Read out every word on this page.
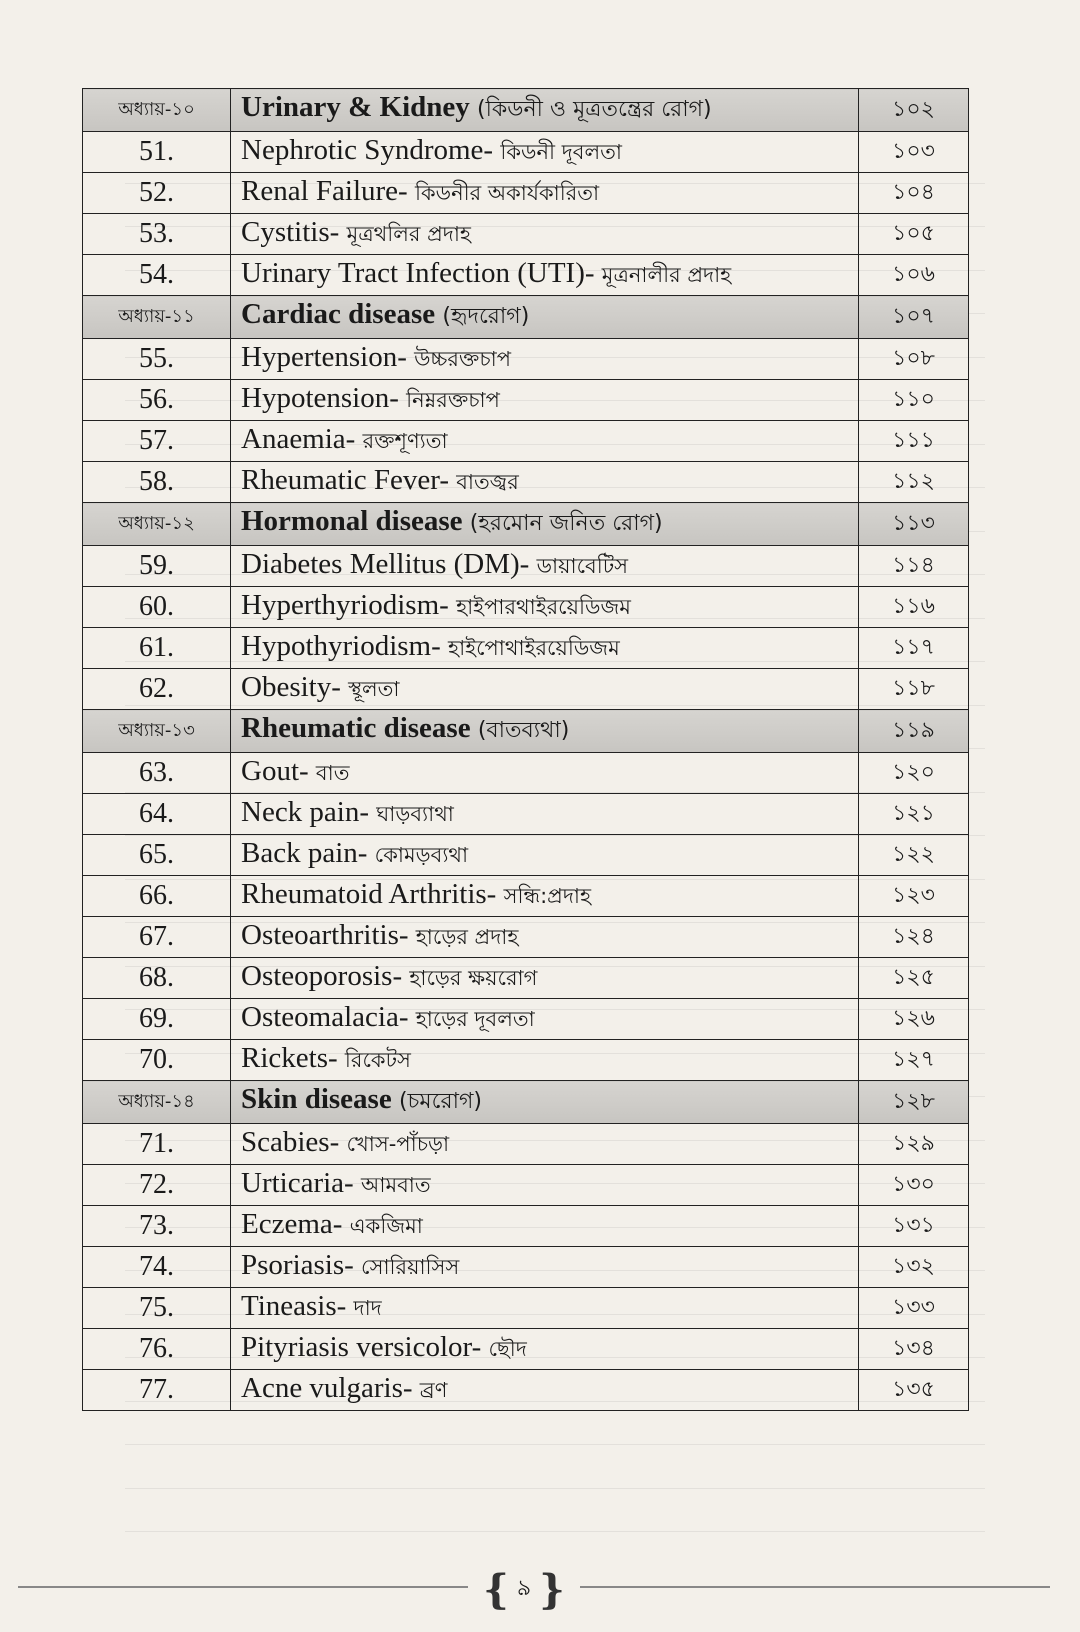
অধ্যায়-১০	Urinary & Kidney (কিডনী ও মূত্রতন্ত্রের রোগ)	১০২
51.	Nephrotic Syndrome- কিডনী দূবলতা	১০৩
52.	Renal Failure- কিডনীর অকার্যকারিতা	১০৪
53.	Cystitis- মূত্রথলির প্রদাহ	১০৫
54.	Urinary Tract Infection (UTI)- মূত্রনালীর প্রদাহ	১০৬
অধ্যায়-১১	Cardiac disease (হৃদরোগ)	১০৭
55.	Hypertension- উচ্চরক্তচাপ	১০৮
56.	Hypotension- নিম্নরক্তচাপ	১১০
57.	Anaemia- রক্তশূণ্যতা	১১১
58.	Rheumatic Fever- বাতজ্বর	১১২
অধ্যায়-১২	Hormonal disease (হরমোন জনিত রোগ)	১১৩
59.	Diabetes Mellitus (DM)- ডায়াবেটিস	১১৪
60.	Hyperthyriodism- হাইপারথাইরয়েডিজম	১১৬
61.	Hypothyriodism- হাইপোথাইরয়েডিজম	১১৭
62.	Obesity- স্থূলতা	১১৮
অধ্যায়-১৩	Rheumatic disease (বাতব্যথা)	১১৯
63.	Gout- বাত	১২০
64.	Neck pain- ঘাড়ব্যাথা	১২১
65.	Back pain- কোমড়ব্যথা	১২২
66.	Rheumatoid Arthritis- সন্ধি:প্রদাহ	১২৩
67.	Osteoarthritis- হাড়ের প্রদাহ	১২৪
68.	Osteoporosis- হাড়ের ক্ষয়রোগ	১২৫
69.	Osteomalacia- হাড়ের দূবলতা	১২৬
70.	Rickets- রিকেটস	১২৭
অধ্যায়-১৪	Skin disease (চমরোগ)	১২৮
71.	Scabies- খোস-পাঁচড়া	১২৯
72.	Urticaria- আমবাত	১৩০
73.	Eczema- একজিমা	১৩১
74.	Psoriasis- সোরিয়াসিস	১৩২
75.	Tineasis- দাদ	১৩৩
76.	Pityriasis versicolor- ছৌদ	১৩৪
77.	Acne vulgaris- ব্রণ	১৩৫
{ ৯ }
